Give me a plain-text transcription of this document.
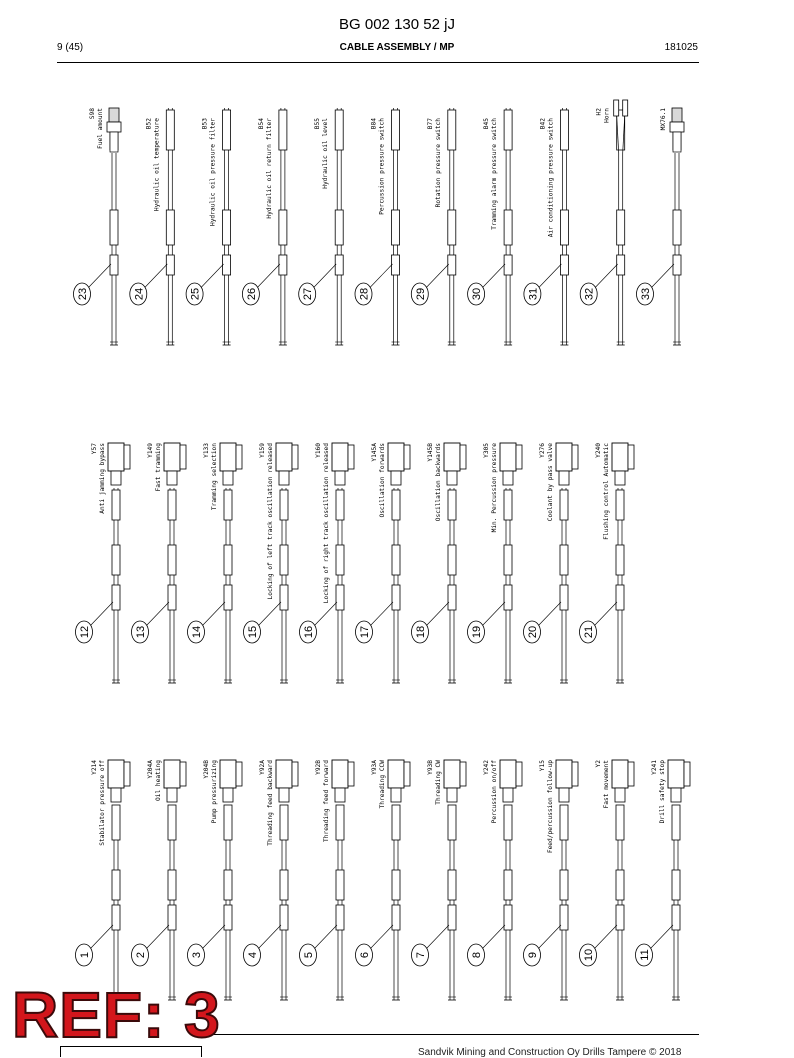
BG 002 130 52 jJ
9 (45)	CABLE ASSEMBLY / MP	181025
S98 Fuel amount
23
B52 Hydraulic oil temperature
24
B53 Hydraulic oil pressure filter
25
B54 Hydraulic oil return filter
26
B55 Hydraulic oil level
27
B84 Percussion pressure switch
28
B77 Rotation pressure switch
29
B45 Tramming alarm pressure switch
30
B42 Air conditioning pressure switch
31
H2 Horn
32
MX76.1
33
Y57 Anti jamming bypass
12
Y149 Fast tramming
13
Y133 Tramming selection
14
Y159 Locking of left track oscillation released
15
Y160 Locking of right track oscillation released
16
Y145A Oscillation forwards
17
Y145B Oscillation backwards
18
Y305 Min. Percussion pressure
19
Y276 Coolant by pass valve
20
Y240 Flushing control Automatic
21
Y214 Stabilator pressure off
1
Y204A Oil heating
2
Y204B Pump pressurizing
3
Y92A Threading feed backward
4
Y92B Threading feed forward
5
Y93A Threading CCW
6
Y93B Threading CW
7
Y242 Percussion on/off
8
Y15 Feed/percussion follow-up
9
Y2 Fast movement
10
Y241 Drill safety stop
11
Sandvik Mining and Construction Oy Drills Tampere © 2018
REF: 3
